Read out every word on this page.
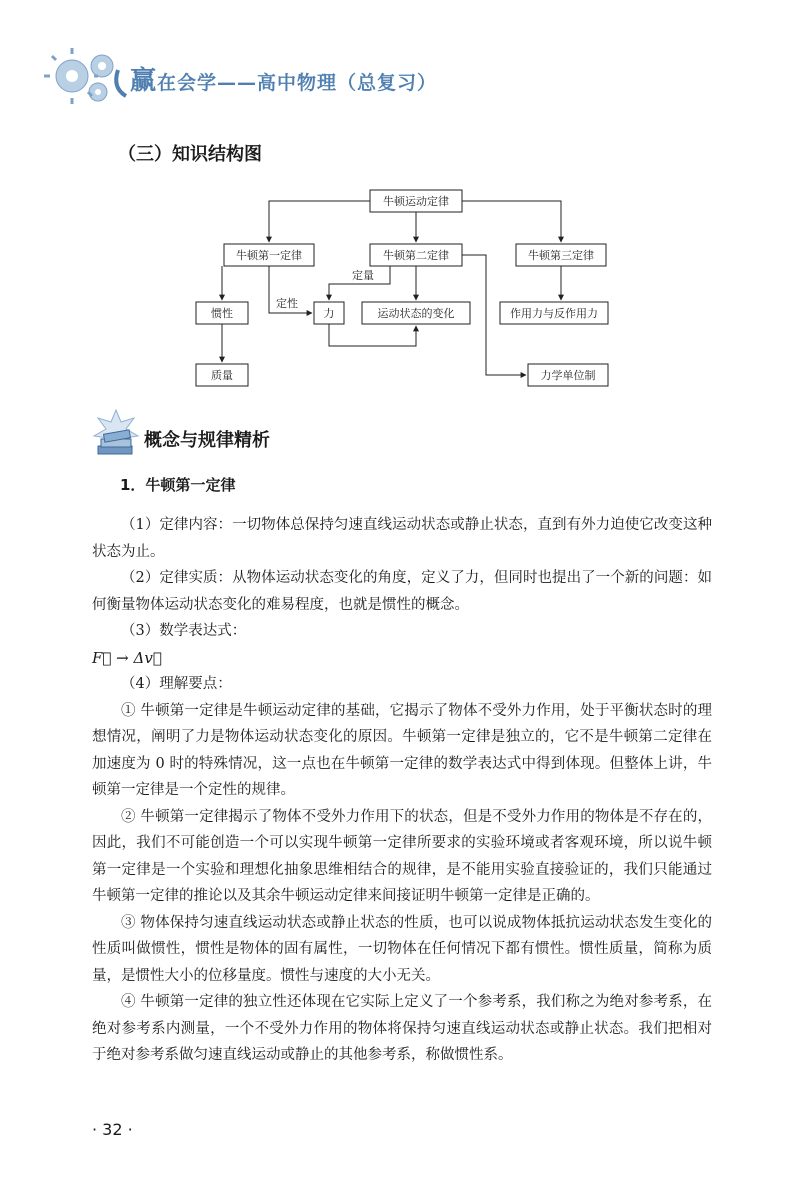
赢在会学——高中物理（总复习）
（三）知识结构图
牛顿运动定律
牛顿第一定律	牛顿第二定律	牛顿第三定律
惯性	力	运动状态的变化	作用力与反作用力
质量	力学单位制
定性
定量
概念与规律精析
1．牛顿第一定律

（1）定律内容：一切物体总保持匀速直线运动状态或静止状态，直到有外力迫使它改变这种状态为止。

（2）定律实质：从物体运动状态变化的角度，定义了力，但同时也提出了一个新的问题：如何衡量物体运动状态变化的难易程度，也就是惯性的概念。

（3）数学表达式：

F⃗ → Δv⃗

（4）理解要点：

① 牛顿第一定律是牛顿运动定律的基础，它揭示了物体不受外力作用，处于平衡状态时的理想情况，阐明了力是物体运动状态变化的原因。牛顿第一定律是独立的，它不是牛顿第二定律在加速度为 0 时的特殊情况，这一点也在牛顿第一定律的数学表达式中得到体现。但整体上讲，牛顿第一定律是一个定性的规律。

② 牛顿第一定律揭示了物体不受外力作用下的状态，但是不受外力作用的物体是不存在的，因此，我们不可能创造一个可以实现牛顿第一定律所要求的实验环境或者客观环境，所以说牛顿第一定律是一个实验和理想化抽象思维相结合的规律，是不能用实验直接验证的，我们只能通过牛顿第一定律的推论以及其余牛顿运动定律来间接证明牛顿第一定律是正确的。

③ 物体保持匀速直线运动状态或静止状态的性质，也可以说成物体抵抗运动状态发生变化的性质叫做惯性，惯性是物体的固有属性，一切物体在任何情况下都有惯性。惯性质量，简称为质量，是惯性大小的位移量度。惯性与速度的大小无关。

④ 牛顿第一定律的独立性还体现在它实际上定义了一个参考系，我们称之为绝对参考系，在绝对参考系内测量，一个不受外力作用的物体将保持匀速直线运动状态或静止状态。我们把相对于绝对参考系做匀速直线运动或静止的其他参考系，称做惯性系。

· 32 ·
